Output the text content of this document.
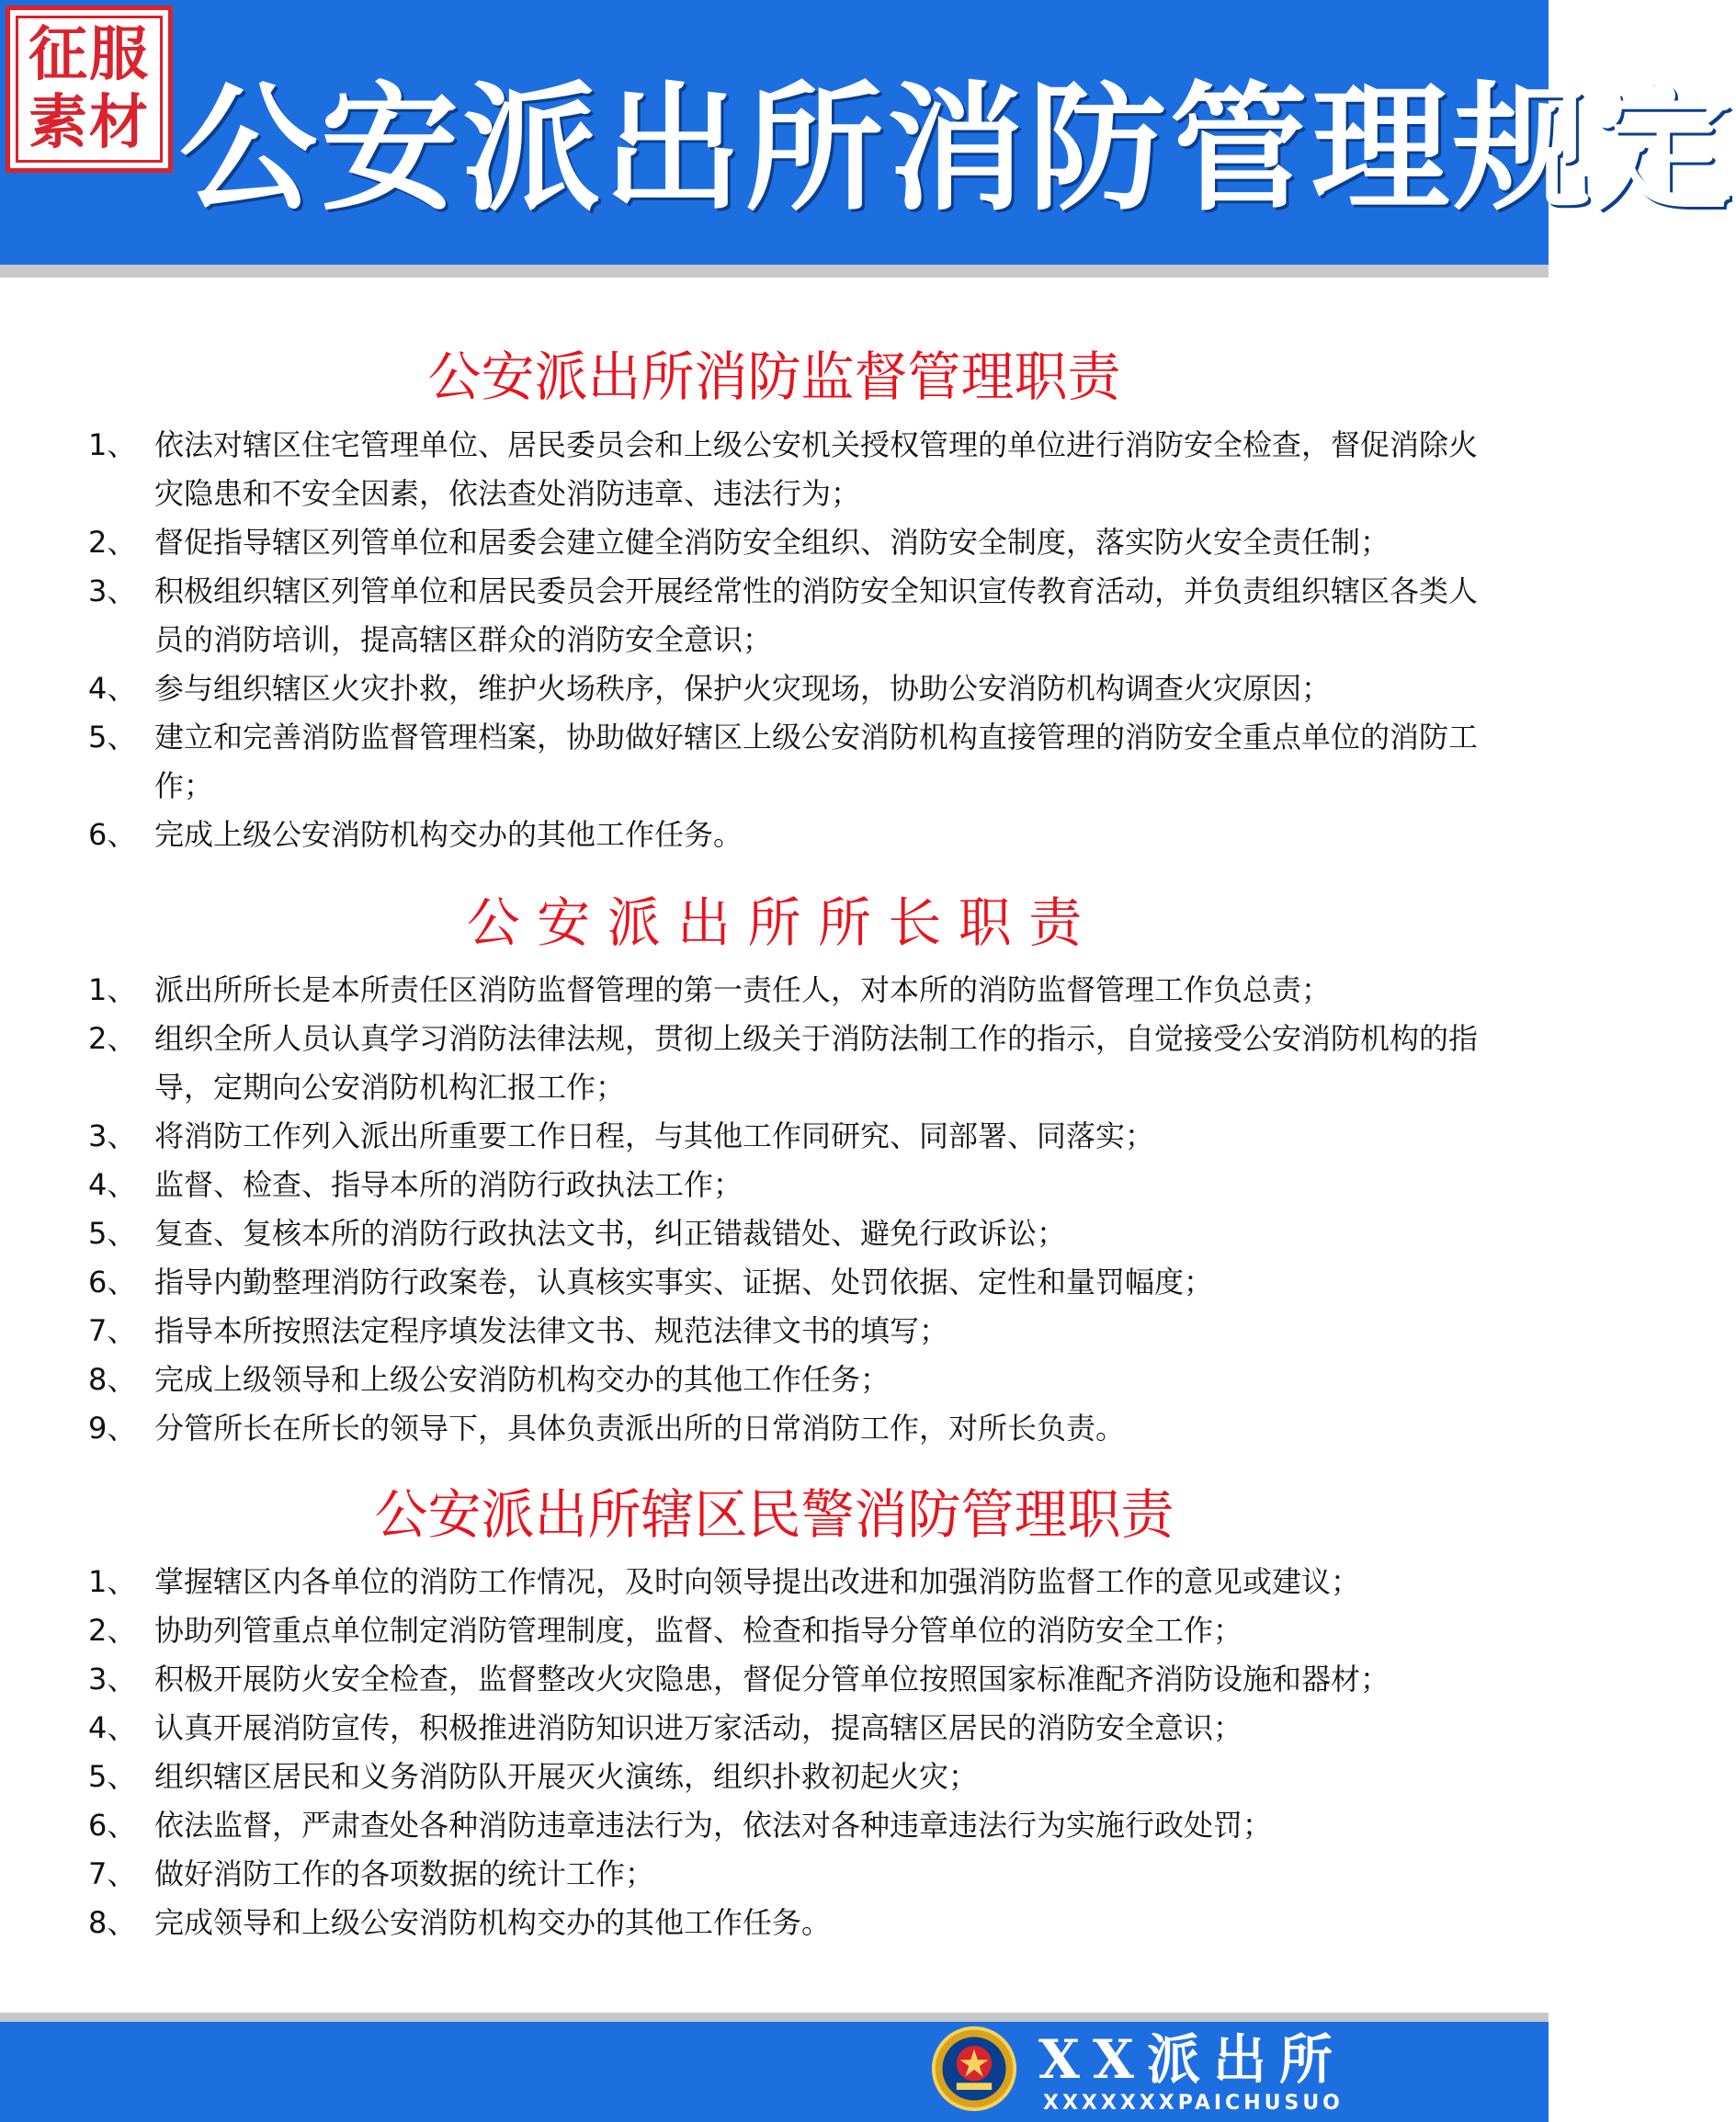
征服
素材 公安派出所消防管理规定
公安派出所消防监督管理职责
1、 依法对辖区住宅管理单位、居民委员会和上级公安机关授权管理的单位进行消防安全检查，督促消除火灾隐患和不安全因素，依法查处消防违章、违法行为；
2、 督促指导辖区列管单位和居委会建立健全消防安全组织、消防安全制度，落实防火安全责任制；
3、 积极组织辖区列管单位和居民委员会开展经常性的消防安全知识宣传教育活动，并负责组织辖区各类人员的消防培训，提高辖区群众的消防安全意识；
4、 参与组织辖区火灾扑救，维护火场秩序，保护火灾现场，协助公安消防机构调查火灾原因；
5、 建立和完善消防监督管理档案，协助做好辖区上级公安消防机构直接管理的消防安全重点单位的消防工作；
6、 完成上级公安消防机构交办的其他工作任务。
公 安 派 出 所 所 长 职 责
1、 派出所所长是本所责任区消防监督管理的第一责任人，对本所的消防监督管理工作负总责；
2、 组织全所人员认真学习消防法律法规，贯彻上级关于消防法制工作的指示，自觉接受公安消防机构的指导，定期向公安消防机构汇报工作；
3、 将消防工作列入派出所重要工作日程，与其他工作同研究、同部署、同落实；
4、 监督、检查、指导本所的消防行政执法工作；
5、 复查、复核本所的消防行政执法文书，纠正错裁错处、避免行政诉讼；
6、 指导内勤整理消防行政案卷，认真核实事实、证据、处罚依据、定性和量罚幅度；
7、 指导本所按照法定程序填发法律文书、规范法律文书的填写；
8、 完成上级领导和上级公安消防机构交办的其他工作任务；
9、 分管所长在所长的领导下，具体负责派出所的日常消防工作，对所长负责。
公安派出所辖区民警消防管理职责
1、 掌握辖区内各单位的消防工作情况，及时向领导提出改进和加强消防监督工作的意见或建议；
2、 协助列管重点单位制定消防管理制度，监督、检查和指导分管单位的消防安全工作；
3、 积极开展防火安全检查，监督整改火灾隐患，督促分管单位按照国家标准配齐消防设施和器材；
4、 认真开展消防宣传，积极推进消防知识进万家活动，提高辖区居民的消防安全意识；
5、 组织辖区居民和义务消防队开展灭火演练，组织扑救初起火灾；
6、 依法监督，严肃查处各种消防违章违法行为，依法对各种违章违法行为实施行政处罚；
7、 做好消防工作的各项数据的统计工作；
8、 完成领导和上级公安消防机构交办的其他工作任务。
XX派出所
XXXXXXXPAICHUSUO
